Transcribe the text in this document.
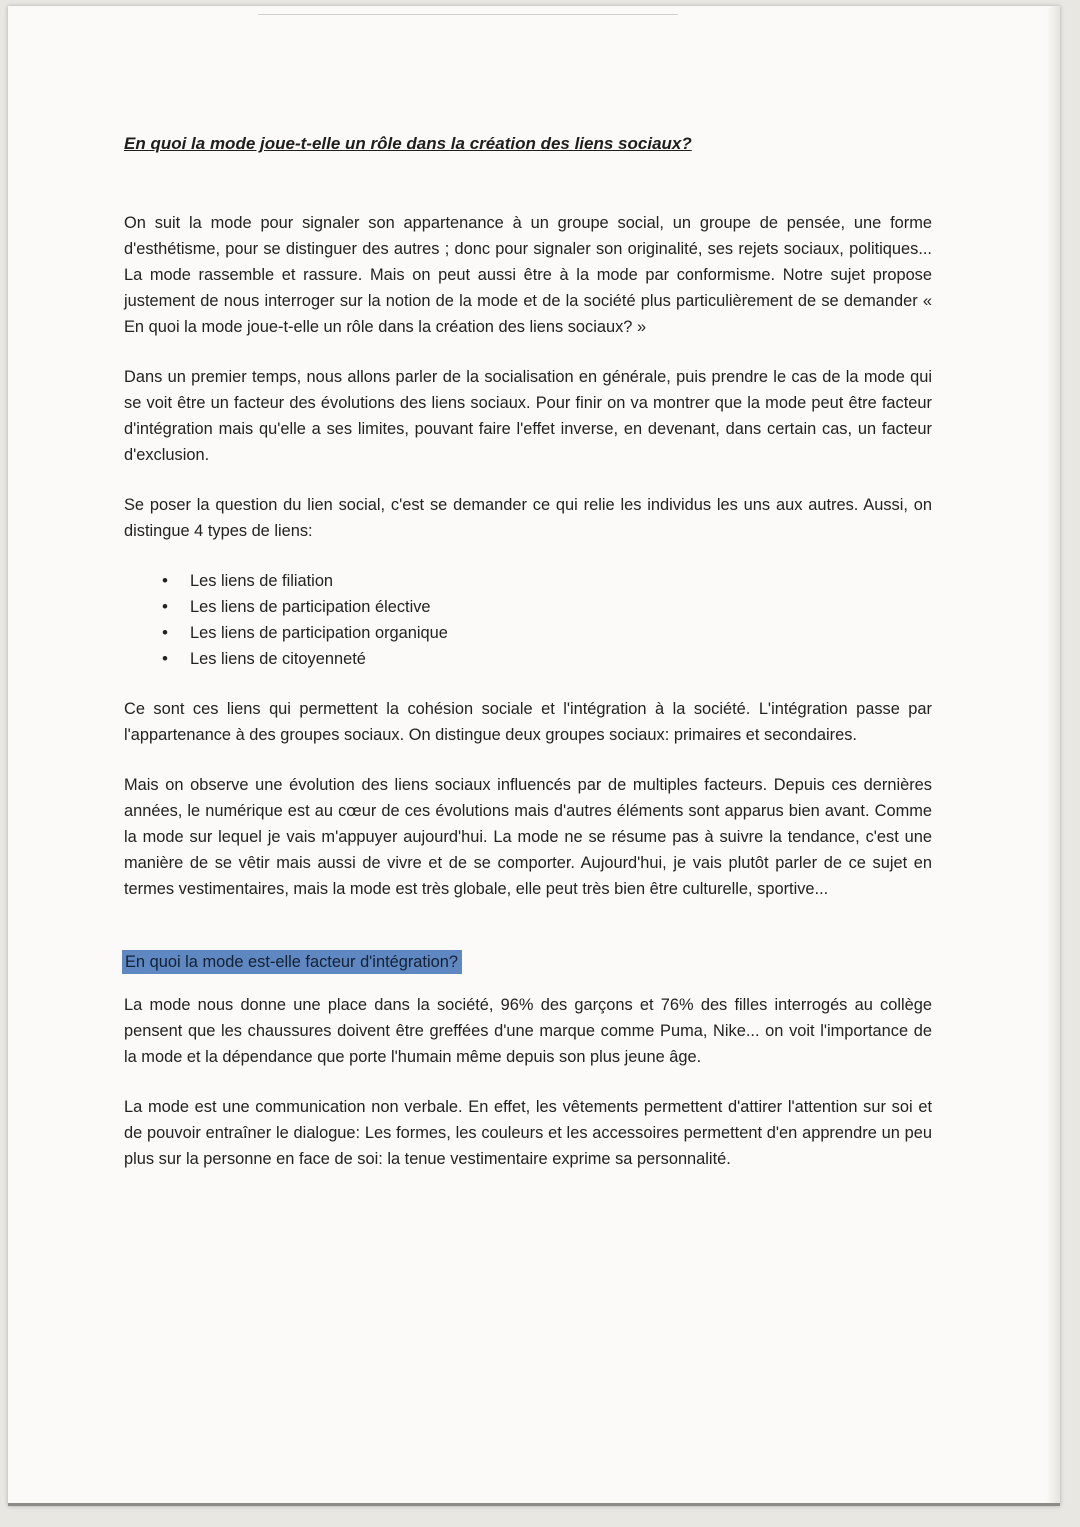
En quoi la mode joue-t-elle un rôle dans la création des liens sociaux?

On suit la mode pour signaler son appartenance à un groupe social, un groupe de pensée, une forme d'esthétisme, pour se distinguer des autres ; donc pour signaler son originalité, ses rejets sociaux, politiques... La mode rassemble et rassure. Mais on peut aussi être à la mode par conformisme. Notre sujet propose justement de nous interroger sur la notion de la mode et de la société plus particulièrement de se demander « En quoi la mode joue-t-elle un rôle dans la création des liens sociaux? »

Dans un premier temps, nous allons parler de la socialisation en générale, puis prendre le cas de la mode qui se voit être un facteur des évolutions des liens sociaux. Pour finir on va montrer que la mode peut être facteur d'intégration mais qu'elle a ses limites, pouvant faire l'effet inverse, en devenant, dans certain cas, un facteur d'exclusion.

Se poser la question du lien social, c'est se demander ce qui relie les individus les uns aux autres. Aussi, on distingue 4 types de liens:

• Les liens de filiation
• Les liens de participation élective
• Les liens de participation organique
• Les liens de citoyenneté

Ce sont ces liens qui permettent la cohésion sociale et l'intégration à la société. L'intégration passe par l'appartenance à des groupes sociaux. On distingue deux groupes sociaux: primaires et secondaires.

Mais on observe une évolution des liens sociaux influencés par de multiples facteurs. Depuis ces dernières années, le numérique est au cœur de ces évolutions mais d'autres éléments sont apparus bien avant. Comme la mode sur lequel je vais m'appuyer aujourd'hui. La mode ne se résume pas à suivre la tendance, c'est une manière de se vêtir mais aussi de vivre et de se comporter. Aujourd'hui, je vais plutôt parler de ce sujet en termes vestimentaires, mais la mode est très globale, elle peut très bien être culturelle, sportive...

En quoi la mode est-elle facteur d'intégration?

La mode nous donne une place dans la société, 96% des garçons et 76% des filles interrogés au collège pensent que les chaussures doivent être greffées d'une marque comme Puma, Nike... on voit l'importance de la mode et la dépendance que porte l'humain même depuis son plus jeune âge.

La mode est une communication non verbale. En effet, les vêtements permettent d'attirer l'attention sur soi et de pouvoir entraîner le dialogue: Les formes, les couleurs et les accessoires permettent d'en apprendre un peu plus sur la personne en face de soi: la tenue vestimentaire exprime sa personnalité.
